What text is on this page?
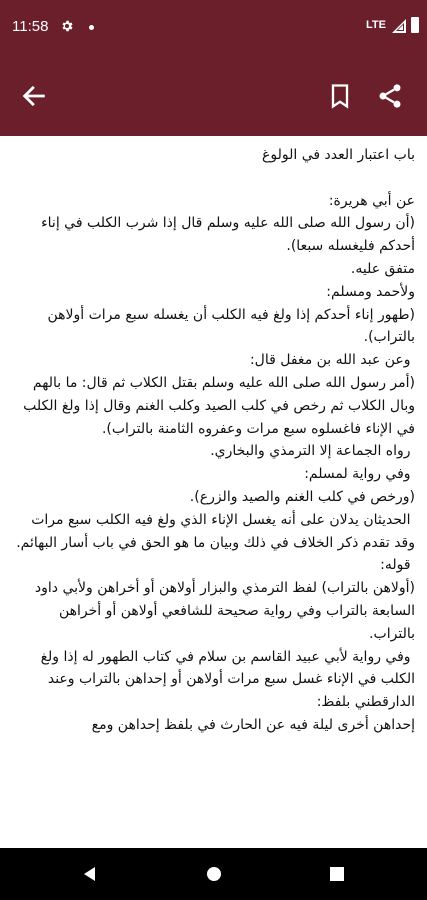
11:58	LTE

باب اعتبار العدد في الولوغ

عن أبي هريرة:

(أن رسول الله صلى الله عليه وسلم قال إذا شرب الكلب في إناء أحدكم فليغسله سبعا).

متفق عليه.

ولأحمد ومسلم:

(طهور إناء أحدكم إذا ولغ فيه الكلب أن يغسله سبع مرات أولاهن بالتراب).

وعن عبد الله بن مغفل قال:

(أمر رسول الله صلى الله عليه وسلم بقتل الكلاب ثم قال: ما بالهم وبال الكلاب ثم رخص في كلب الصيد وكلب الغنم وقال إذا ولغ الكلب في الإناء فاغسلوه سبع مرات وعفروه الثامنة بالتراب).

رواه الجماعة إلا الترمذي والبخاري.

وفي رواية لمسلم:

(ورخص في كلب الغنم والصيد والزرع).

الحديثان يدلان على أنه يغسل الإناء الذي ولغ فيه الكلب سبع مرات وقد تقدم ذكر الخلاف في ذلك وبيان ما هو الحق في باب أسار البهائم.

قوله:

(أولاهن بالتراب) لفظ الترمذي والبزار أولاهن أو أخراهن ولأبي داود السابعة بالتراب وفي رواية صحيحة للشافعي أولاهن أو أخراهن بالتراب.

وفي رواية لأبي عبيد القاسم بن سلام في كتاب الطهور له إذا ولغ الكلب في الإناء غسل سبع مرات أولاهن أو إحداهن بالتراب وعند الدارقطني بلفظ:

إحداهن أخرى ليلة فيه عن الحارث في بلفظ إحداهن ومع
